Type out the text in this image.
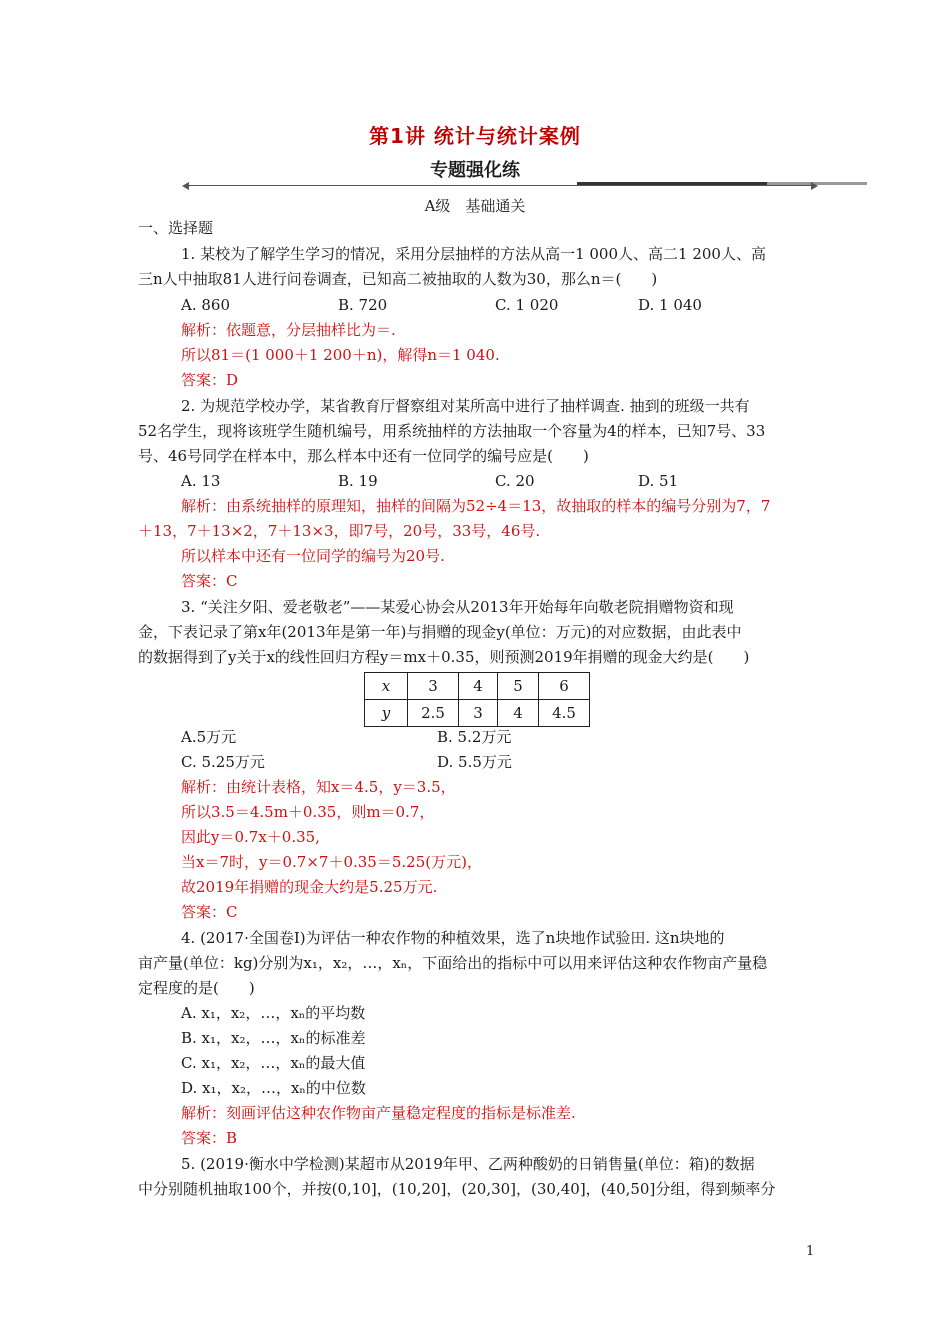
第1讲 统计与统计案例
专题强化练
A级　基础通关
一、选择题
1. 某校为了解学生学习的情况，采用分层抽样的方法从高一1 000人、高二1 200人、高
三n人中抽取81人进行问卷调查，已知高二被抽取的人数为30，那么n＝(　　)
A. 860	B. 720	C. 1 020	D. 1 040
解析：依题意，分层抽样比为＝.
所以81＝(1 000＋1 200＋n)，解得n＝1 040.
答案：D
2. 为规范学校办学，某省教育厅督察组对某所高中进行了抽样调查. 抽到的班级一共有
52名学生，现将该班学生随机编号，用系统抽样的方法抽取一个容量为4的样本，已知7号、33
号、46号同学在样本中，那么样本中还有一位同学的编号应是(　　)
A. 13	B. 19	C. 20	D. 51
解析：由系统抽样的原理知，抽样的间隔为52÷4＝13，故抽取的样本的编号分别为7，7
＋13，7＋13×2，7＋13×3，即7号，20号，33号，46号.
所以样本中还有一位同学的编号为20号.
答案：C
3. “关注夕阳、爱老敬老”——某爱心协会从2013年开始每年向敬老院捐赠物资和现
金，下表记录了第x年(2013年是第一年)与捐赠的现金y(单位：万元)的对应数据，由此表中
的数据得到了y关于x的线性回归方程y＝mx＋0.35，则预测2019年捐赠的现金大约是(　　)
x	3	4	5	6
y	2.5	3	4	4.5
A.5万元	B. 5.2万元
C. 5.25万元	D. 5.5万元
解析：由统计表格，知x＝4.5，y＝3.5，
所以3.5＝4.5m＋0.35，则m＝0.7，
因此y＝0.7x＋0.35,
当x＝7时，y＝0.7×7＋0.35＝5.25(万元)，
故2019年捐赠的现金大约是5.25万元.
答案：C
4. (2017·全国卷Ⅰ)为评估一种农作物的种植效果，选了n块地作试验田. 这n块地的
亩产量(单位：kg)分别为x₁，x₂，…，xₙ，下面给出的指标中可以用来评估这种农作物亩产量稳
定程度的是(　　)
A. x₁，x₂，…，xₙ的平均数
B. x₁，x₂，…，xₙ的标准差
C. x₁，x₂，…，xₙ的最大值
D. x₁，x₂，…，xₙ的中位数
解析：刻画评估这种农作物亩产量稳定程度的指标是标准差.
答案：B
5. (2019·衡水中学检测)某超市从2019年甲、乙两种酸奶的日销售量(单位：箱)的数据
中分别随机抽取100个，并按(0,10]，(10,20]，(20,30]，(30,40]，(40,50]分组，得到频率分
1
